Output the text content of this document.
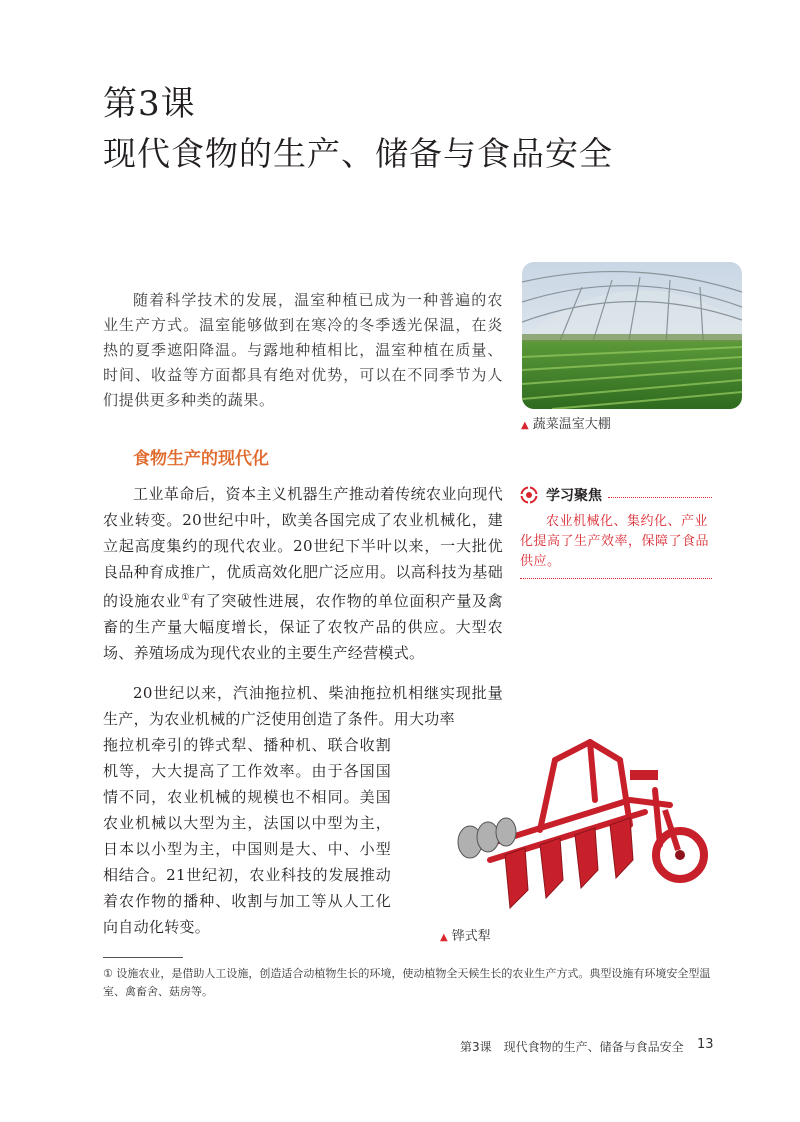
第3课
现代食物的生产、储备与食品安全

随着科学技术的发展，温室种植已成为一种普遍的农业生产方式。温室能够做到在寒冷的冬季透光保温，在炎热的夏季遮阳降温。与露地种植相比，温室种植在质量、时间、收益等方面都具有绝对优势，可以在不同季节为人们提供更多种类的蔬果。

▲ 蔬菜温室大棚
食物生产的现代化

工业革命后，资本主义机器生产推动着传统农业向现代农业转变。20世纪中叶，欧美各国完成了农业机械化，建立起高度集约的现代农业。20世纪下半叶以来，一大批优良品种育成推广，优质高效化肥广泛应用。以高科技为基础的设施农业①有了突破性进展，农作物的单位面积产量及禽畜的生产量大幅度增长，保证了农牧产品的供应。大型农场、养殖场成为现代农业的主要生产经营模式。

20世纪以来，汽油拖拉机、柴油拖拉机相继实现批量生产，为农业机械的广泛使用创造了条件。用大功率

拖拉机牵引的铧式犁、播种机、联合收割机等，大大提高了工作效率。由于各国国情不同，农业机械的规模也不相同。美国农业机械以大型为主，法国以中型为主，日本以小型为主，中国则是大、中、小型相结合。21世纪初，农业科技的发展推动着农作物的播种、收割与加工等从人工化向自动化转变。

学习聚焦
农业机械化、集约化、产业化提高了生产效率，保障了食品供应。
▲ 铧式犁
① 设施农业，是借助人工设施，创造适合动植物生长的环境，使动植物全天候生长的农业生产方式。典型设施有环境安全型温室、禽畜舍、菇房等。
第3课　现代食物的生产、储备与食品安全 13
